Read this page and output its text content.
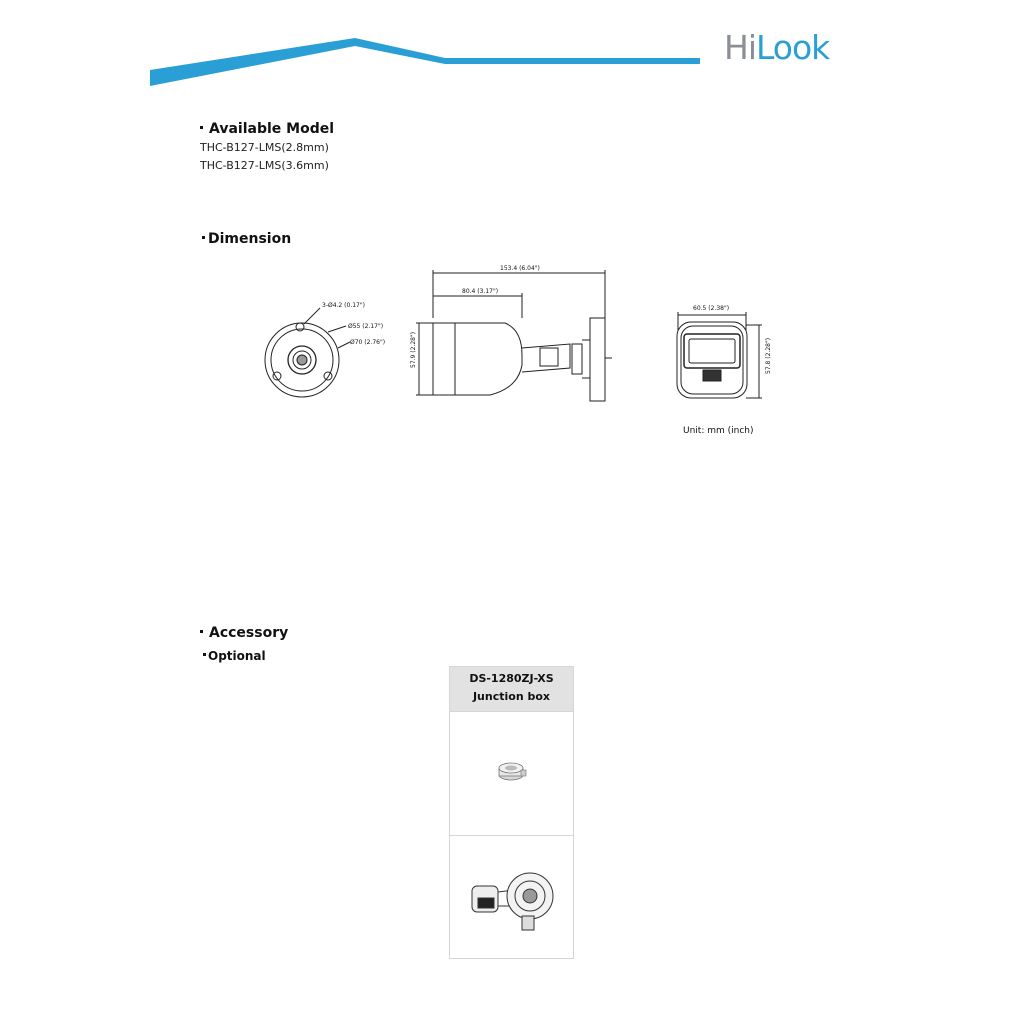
HiLook
Available Model
THC-B127-LMS(2.8mm)
THC-B127-LMS(3.6mm)
Dimension
3-Ø4.2 (0.17")
Ø55 (2.17")
Ø70 (2.76")
153.4 (6.04")
80.4 (3.17")
57.9 (2.28")
60.5 (2.38")
57.8 (2.28")
Unit: mm (inch)
Accessory
Optional
DS-1280ZJ-XS
Junction box
